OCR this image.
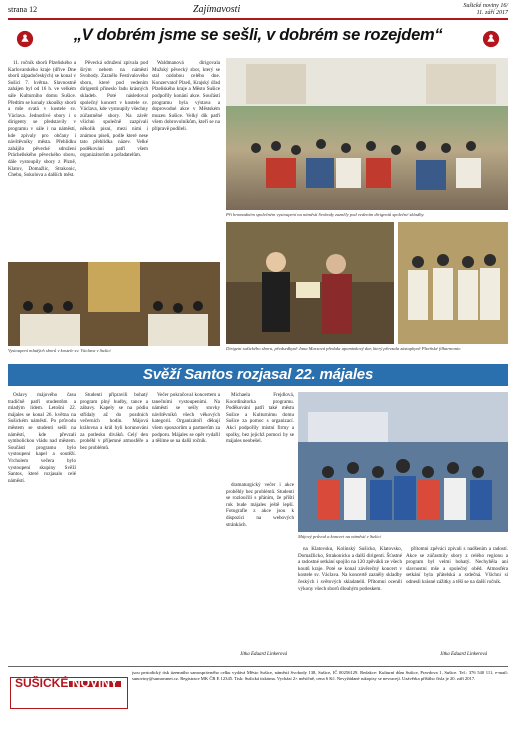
strana 12	Zajímavosti	Sušické noviny 16/
11. září 2017
„V dobrém jsme se sešli, v dobrém se rozejdem“

11. ročník sborů Plzeňského a Karlovarského kraje (dříve Dne sborů západočeských) se konal v Sušici 7. května. Slavnostně zahájen byl od 16 h. ve velkém sále Kulturního domu Sušice. Předtím se konaly zkoušky sborů a mše svatá v kostele sv. Václava. Jednotlivé sbory i s dirigenty se představily v programu v sále i na náměstí, kde zpívaly pro občany i návštěvníky města. Přehlídku zahájilo pěvecké sdružení Prácheňského pěveckého sboru, dále vystoupily sbory z Plzně, Klatov, Domažlic, Strakonic, Chebu, Sokolova a dalších měst.

Pěvecká sdružení zpívala pod širým nebem na náměstí Svobody. Zaznělo Festivalového sboru, které pod vedením dirigentů přineslo řadu krásných skladeb. Poté následoval společný koncert v kostele sv. Václava, kde vystoupily všechny zúčastněné sbory. Na závěr všichni společně zazpívali několik písní, mezi nimi i známou píseň, podle které nese tato přehlídka název. Velké poděkování patří všem organizátorům a pořadatelům.

Waldmanová dirigovala Mužský pěvecký sbor, který se stal ozdobou celého dne. Konzervatoř Plzeň, Krajský úřad Plzeňského kraje a Město Sušice podpořily konání akce. Součástí programu byla výstava a doprovodné akce v Městském muzeu Sušice. Velký dík patří všem dobrovolníkům, kteří se na přípravě podíleli.

Při hromadném společném vystoupení na náměstí Svobody zazněly pod vedením dirigentů společné skladby.
Dirigent sušického sboru, předsedkyně Jana Marsová předala upomínkový dar, který převzala zástupkyně Plzeňské filharmonie.
Vystoupení mladých sborů v kostele sv. Václava v Sušici
Svěží Santos rozjasal 22. májales

Oslavy májového času tradičně patří studentům a mladým lidem. Letošní 22. májales se konal 26. května na Sušickém náměstí. Po průvodu městem se studenti sešli na náměstí, kde převzali symbolickou vládu nad městem. Součástí programu bylo vystoupení kapel a soutěží. Vrcholem večera bylo vystoupení skupiny Svěží Santos, které rozjasalo celé náměstí.

Studenti připravili bohatý program plný hudby, tance a zábavy. Kapely se na pódiu střídaly až do pozdních večerních hodin. Májová královna a král byli korunováni za potlesku diváků. Celý den proběhl v příjemné atmosféře a bez problémů.

Večer pokračoval koncertem a tanečními vystoupeními. Na náměstí se sešly stovky návštěvníků všech věkových kategorií. Organizátoři děkují všem sponzorům a partnerům za podporu. Májales se opět vydařil a těšíme se na další ročník.

Michaela Frejdlová, Koordinátorka programu. Poděkování patří také městu Sušice a Kulturnímu domu Sušice za pomoc s organizací. Akci podpořily místní firmy a spolky, bez jejichž pomoci by se májales neobešel.

Májový průvod a koncert na náměstí v Sušici

dramaturgický večer i akce proběhly bez problémů. Studenti se rozloučili s přáním, že příští rok bude májales ještě lepší. Fotografie z akce jsou k dispozici na webových stránkách.

na Klatovsku, Kolínský Sušicko, Klatovsko, Domažlicko, Strakonicko a další dirigenti. Šťastné a radostné setkání spojilo na 120 zpěváků ze všech koutů kraje. Poté se konal závěrečný koncert v kostele sv. Václava. Na koncertě zazněly skladby českých i světových skladatelů. Přítomní ocenili výkony všech sborů dlouhým potleskem.

přítomni zpěváci zpívali s nadšením a radostí. Akce se zúčastnily sbory z celého regionu a program byl velmi bohatý. Nechyběla ani slavnostní mše a společný oběd. Atmosféra setkání byla přátelská a srdečná. Všichni si odnesli krásné zážitky a těší se na další ročník.

Jitka Eduard Linkerová
Jitka Eduard Linkerová
SUŠICKÉ NOVINY
jsou periodický tisk územního samosprávného celku vydává Město Sušice, náměstí Svobody 138, Sušice, IČ 00256129. Redakce: Kulturní dům Sušice, Pravdova 1, Sušice. Tel.: 376 540 111, e-mail: sunoviny@sumavanet.cz. Registrace MK ČR E 12345. Tisk: Sušická tiskárna. Vychází 2× měsíčně, cena 6 Kč. Nevyžádané rukopisy se nevracejí. Uzávěrka příštího čísla je 20. září 2017.
